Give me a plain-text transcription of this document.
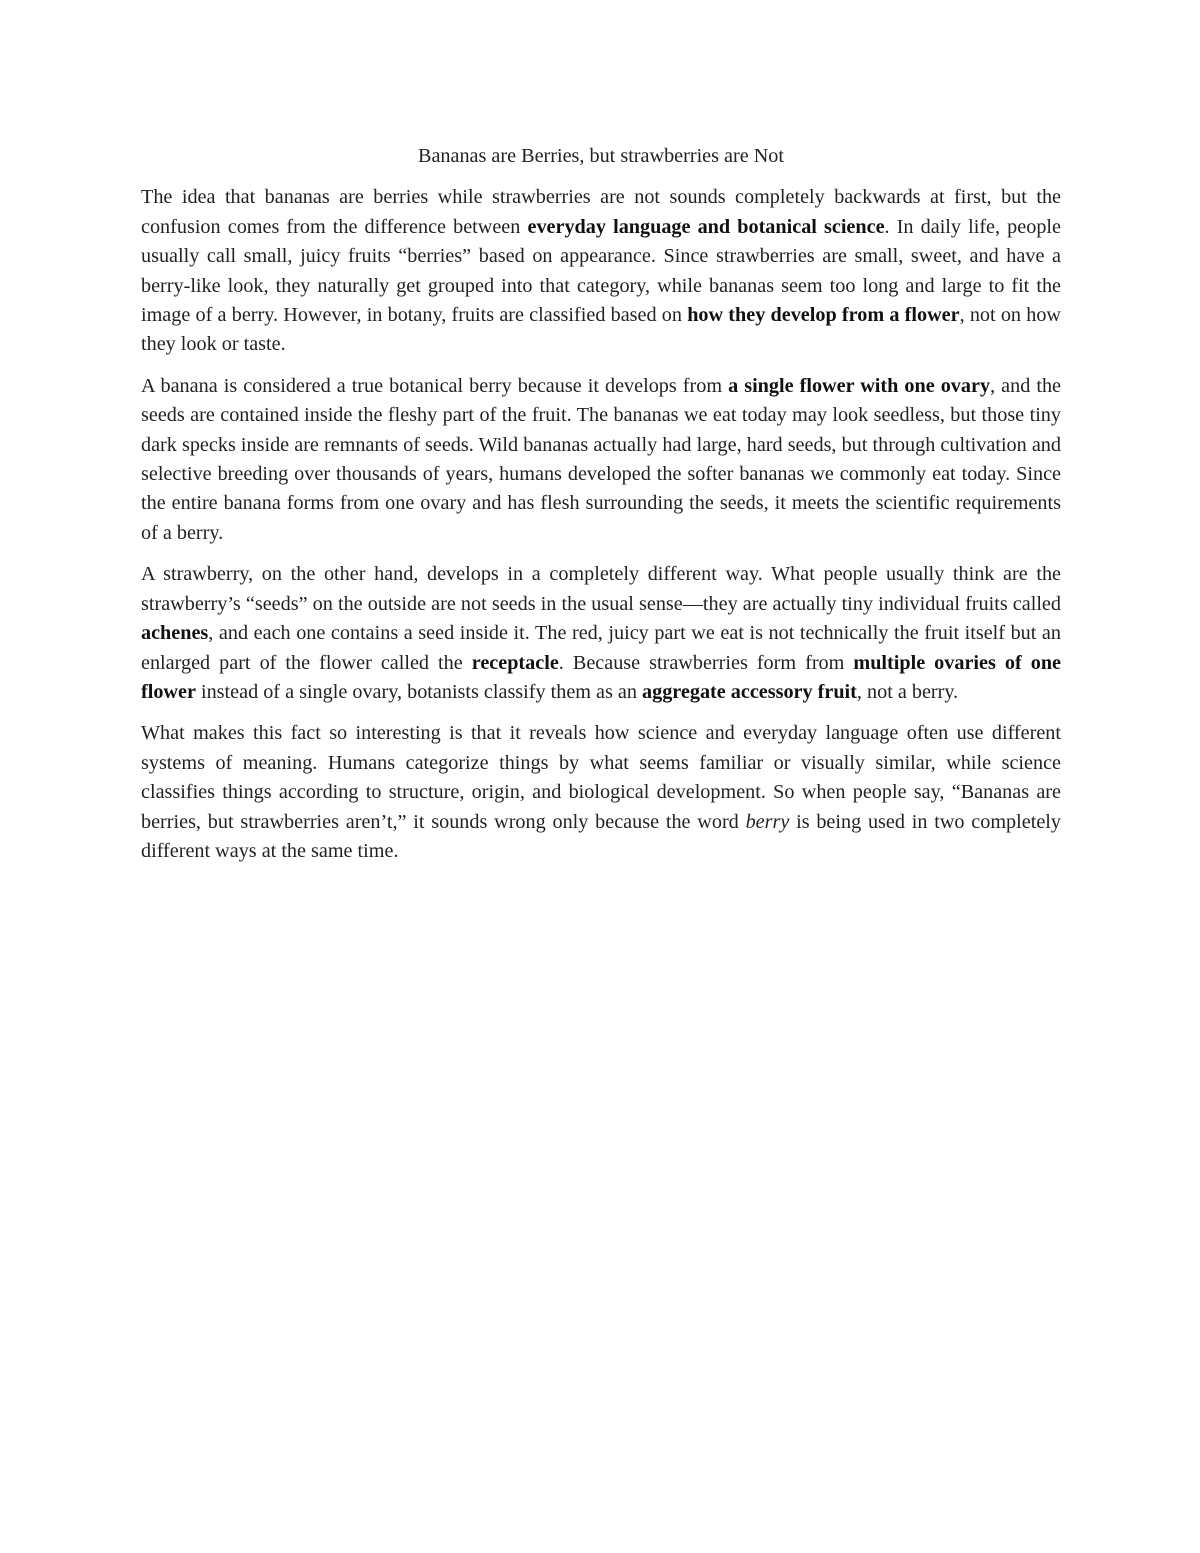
Bananas are Berries, but strawberries are Not

The idea that bananas are berries while strawberries are not sounds completely backwards at first, but the confusion comes from the difference between everyday language and botanical science. In daily life, people usually call small, juicy fruits “berries” based on appearance. Since strawberries are small, sweet, and have a berry-like look, they naturally get grouped into that category, while bananas seem too long and large to fit the image of a berry. However, in botany, fruits are classified based on how they develop from a flower, not on how they look or taste.

A banana is considered a true botanical berry because it develops from a single flower with one ovary, and the seeds are contained inside the fleshy part of the fruit. The bananas we eat today may look seedless, but those tiny dark specks inside are remnants of seeds. Wild bananas actually had large, hard seeds, but through cultivation and selective breeding over thousands of years, humans developed the softer bananas we commonly eat today. Since the entire banana forms from one ovary and has flesh surrounding the seeds, it meets the scientific requirements of a berry.

A strawberry, on the other hand, develops in a completely different way. What people usually think are the strawberry’s “seeds” on the outside are not seeds in the usual sense—they are actually tiny individual fruits called achenes, and each one contains a seed inside it. The red, juicy part we eat is not technically the fruit itself but an enlarged part of the flower called the receptacle. Because strawberries form from multiple ovaries of one flower instead of a single ovary, botanists classify them as an aggregate accessory fruit, not a berry.

What makes this fact so interesting is that it reveals how science and everyday language often use different systems of meaning. Humans categorize things by what seems familiar or visually similar, while science classifies things according to structure, origin, and biological development. So when people say, “Bananas are berries, but strawberries aren’t,” it sounds wrong only because the word berry is being used in two completely different ways at the same time.
